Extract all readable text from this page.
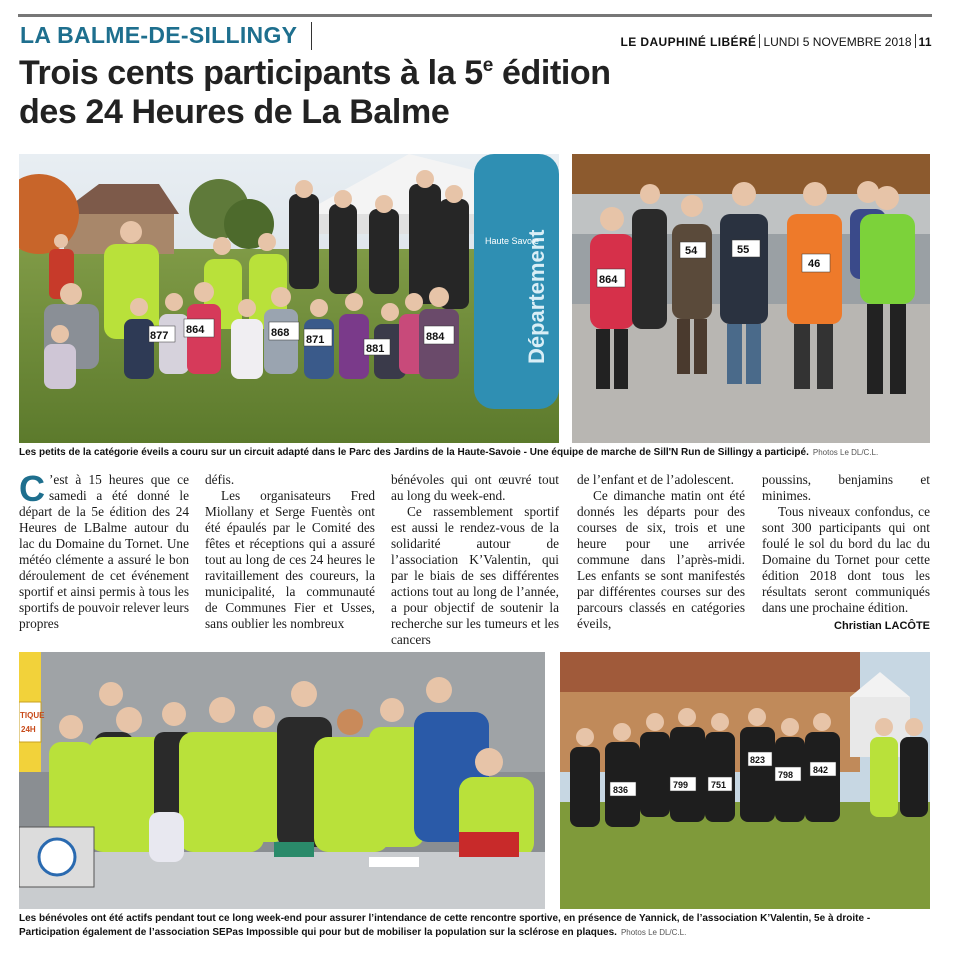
LA BALME-DE-SILLINGY	LE DAUPHINÉ LIBÉRÉ LUNDI 5 NOVEMBRE 2018 11
Trois cents participants à la 5e édition
des 24 Heures de La Balme
Département
Haute Savoie
864
877	868
871	884
881
864
54	55
46
Les petits de la catégorie éveils a couru sur un circuit adapté dans le Parc des Jardins de la Haute-Savoie - Une équipe de marche de Sill'N Run de Sillingy a participé. Photos Le DL/C.L.

C ’est à 15 heures que ce samedi a été donné le départ de la 5e édition des 24 Heures de LBalme autour du lac du Domaine du Tornet. Une météo clémente a assuré le bon déroulement de cet événement sportif et ainsi permis à tous les sportifs de pouvoir relever leurs propres

défis.

Les organisateurs Fred Miollany et Serge Fuentès ont été épaulés par le Comité des fêtes et réceptions qui a assuré tout au long de ces 24 heures le ravitaillement des coureurs, la municipalité, la communauté de Communes Fier et Usses, sans oublier les nombreux

bénévoles qui ont œuvré tout au long du week-end.

Ce rassemblement sportif est aussi le rendez-vous de la solidarité autour de l’association K’Valentin, qui par le biais de ses différentes actions tout au long de l’année, a pour objectif de soutenir la recherche sur les tumeurs et les cancers

de l’enfant et de l’adolescent.

Ce dimanche matin ont été donnés les départs pour des courses de six, trois et une heure pour une arrivée commune dans l’après-midi. Les enfants se sont manifestés par différentes courses sur des parcours classés en catégories éveils,

poussins, benjamins et minimes.

Tous niveaux confondus, ce sont 300 participants qui ont foulé le sol du bord du lac du Domaine du Tornet pour cette édition 2018 dont tous les résultats seront communiqués dans une prochaine édition.

Christian LACÔTE
TIQUE
24H
836	799	751
798 842
823
Les bénévoles ont été actifs pendant tout ce long week-end pour assurer l’intendance de cette rencontre sportive, en présence de Yannick, de l’association K’Valentin, 5e à droite -
Participation également de l’association SEPas Impossible qui pour but de mobiliser la population sur la sclérose en plaques. Photos Le DL/C.L.
